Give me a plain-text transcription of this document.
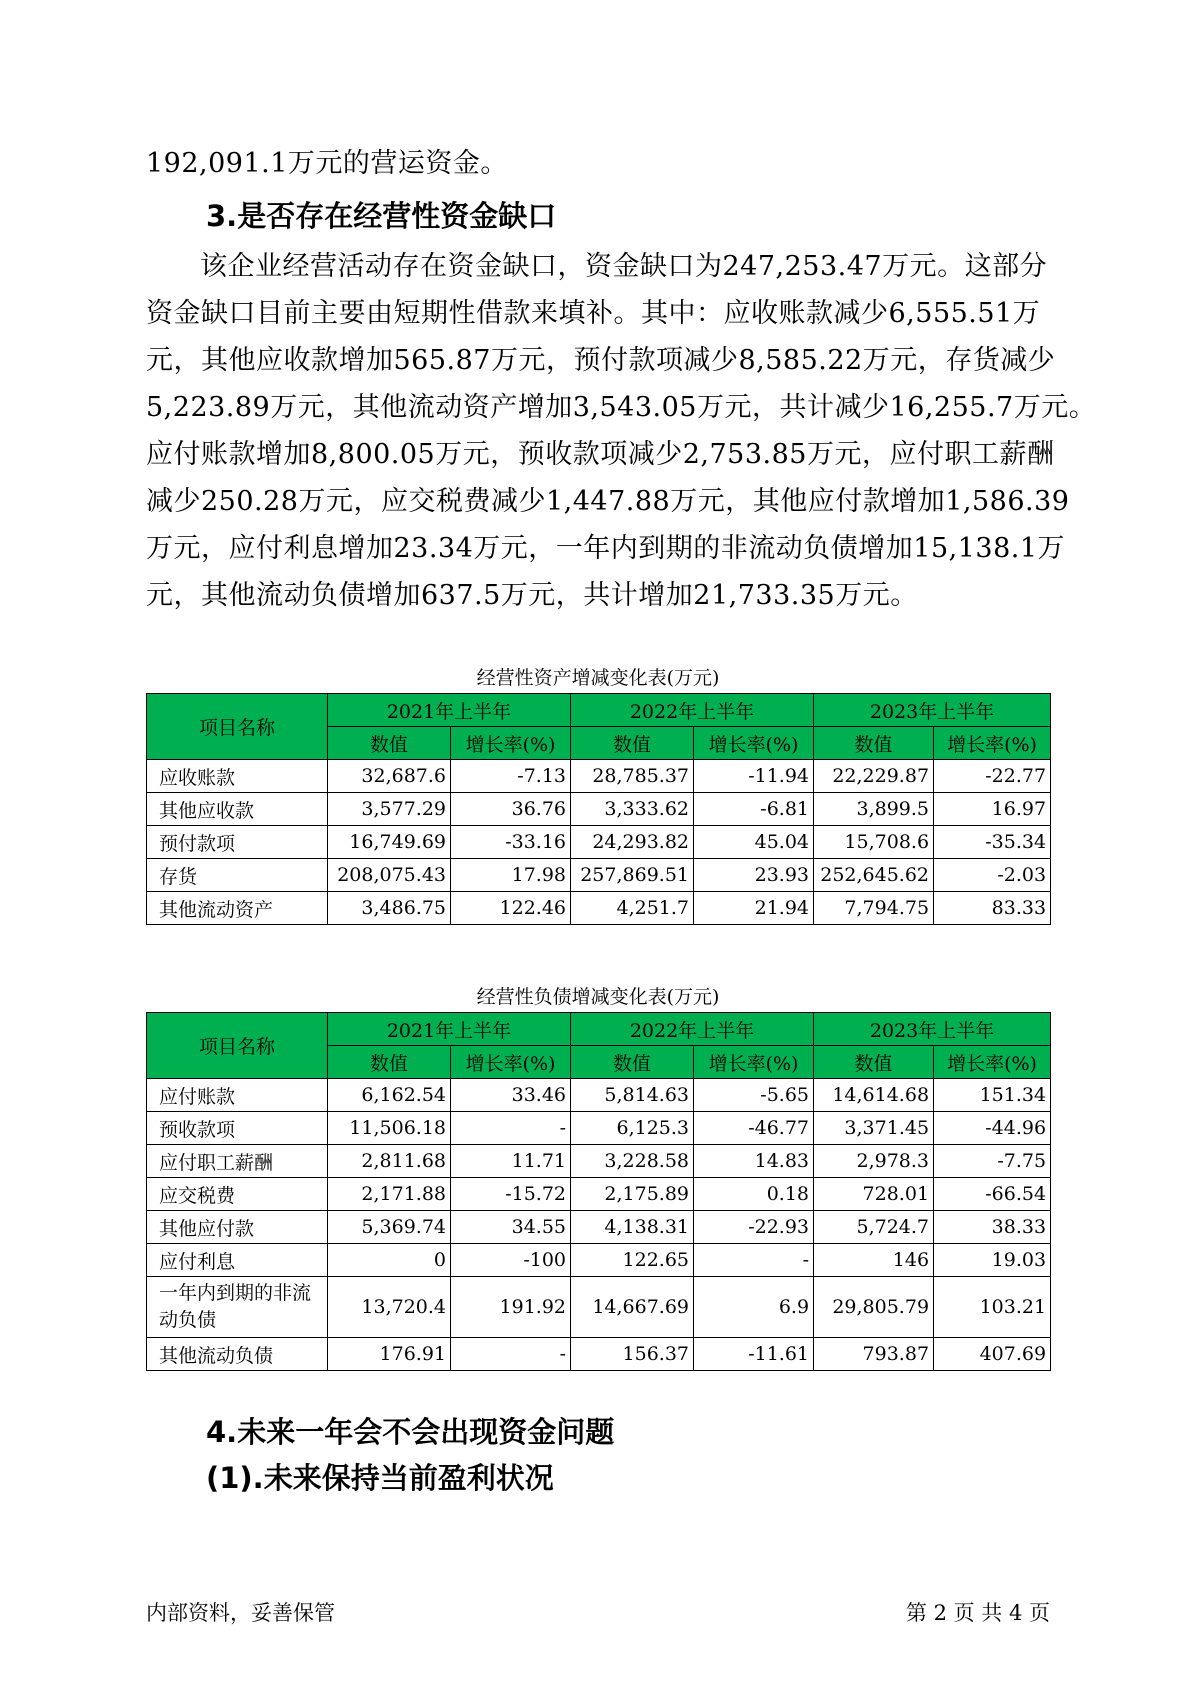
192,091.1万元的营运资金。

3.是否存在经营性资金缺口

该企业经营活动存在资金缺口，资金缺口为247,253.47万元。这部分

资金缺口目前主要由短期性借款来填补。其中：应收账款减少6,555.51万

元，其他应收款增加565.87万元，预付款项减少8,585.22万元，存货减少

5,223.89万元，其他流动资产增加3,543.05万元，共计减少16,255.7万元。

应付账款增加8,800.05万元，预收款项减少2,753.85万元，应付职工薪酬

减少250.28万元，应交税费减少1,447.88万元，其他应付款增加1,586.39

万元，应付利息增加23.34万元，一年内到期的非流动负债增加15,138.1万

元，其他流动负债增加637.5万元，共计增加21,733.35万元。

经营性资产增减变化表(万元)
项目名称	2021年上半年		2022年上半年		2023年上半年	
	数值	增长率(%)	数值	增长率(%)	数值	增长率(%)
应收账款	32,687.6	-7.13	28,785.37	-11.94	22,229.87	-22.77
其他应收款	3,577.29	36.76	3,333.62	-6.81	3,899.5	16.97
预付款项	16,749.69	-33.16	24,293.82	45.04	15,708.6	-35.34
存货	208,075.43	17.98	257,869.51	23.93	252,645.62	-2.03
其他流动资产	3,486.75	122.46	4,251.7	21.94	7,794.75	83.33
经营性负债增减变化表(万元)
项目名称	2021年上半年		2022年上半年		2023年上半年	
	数值	增长率(%)	数值	增长率(%)	数值	增长率(%)
应付账款	6,162.54	33.46	5,814.63	-5.65	14,614.68	151.34
预收款项	11,506.18	-	6,125.3	-46.77	3,371.45	-44.96
应付职工薪酬	2,811.68	11.71	3,228.58	14.83	2,978.3	-7.75
应交税费	2,171.88	-15.72	2,175.89	0.18	728.01	-66.54
其他应付款	5,369.74	34.55	4,138.31	-22.93	5,724.7	38.33
应付利息	0	-100	122.65	-	146	19.03
一年内到期的非流动负债	13,720.4	191.92	14,667.69	6.9	29,805.79	103.21
其他流动负债	176.91	-	156.37	-11.61	793.87	407.69
4.未来一年会不会出现资金问题
(1).未来保持当前盈利状况
内部资料，妥善保管	第 2 页 共 4 页
